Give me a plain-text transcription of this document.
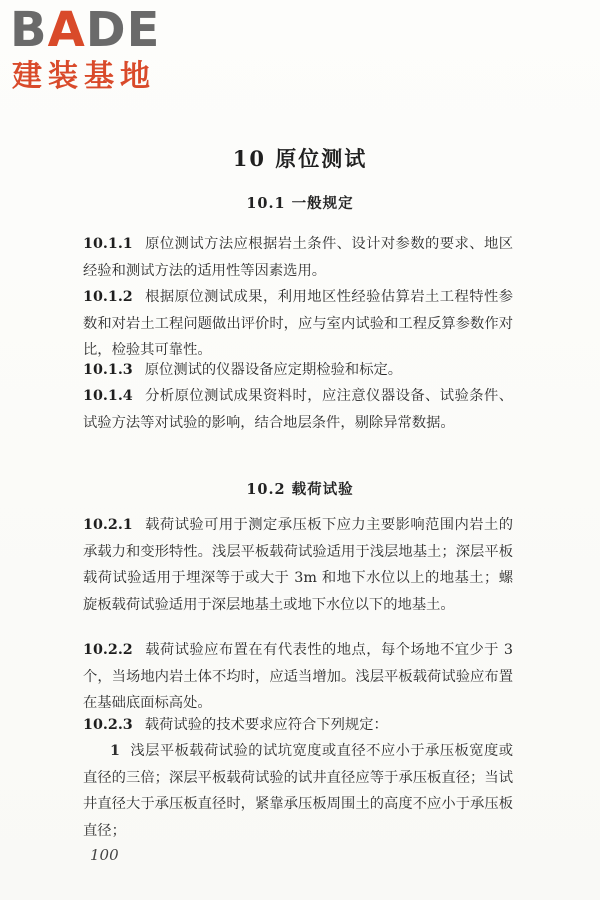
BADE
建装基地
10 原位测试
10.1 一般规定
10.1.1 原位测试方法应根据岩土条件、设计对参数的要求、地区经验和测试方法的适用性等因素选用。
10.1.2 根据原位测试成果，利用地区性经验估算岩土工程特性参数和对岩土工程问题做出评价时，应与室内试验和工程反算参数作对比，检验其可靠性。
10.1.3 原位测试的仪器设备应定期检验和标定。
10.1.4 分析原位测试成果资料时，应注意仪器设备、试验条件、试验方法等对试验的影响，结合地层条件，剔除异常数据。
10.2 载荷试验
10.2.1 载荷试验可用于测定承压板下应力主要影响范围内岩土的承载力和变形特性。浅层平板载荷试验适用于浅层地基土；深层平板载荷试验适用于埋深等于或大于 3m 和地下水位以上的地基土；螺旋板载荷试验适用于深层地基土或地下水位以下的地基土。
10.2.2 载荷试验应布置在有代表性的地点，每个场地不宜少于 3 个，当场地内岩土体不均时，应适当增加。浅层平板载荷试验应布置在基础底面标高处。
10.2.3 载荷试验的技术要求应符合下列规定：
1 浅层平板载荷试验的试坑宽度或直径不应小于承压板宽度或直径的三倍；深层平板载荷试验的试井直径应等于承压板直径；当试井直径大于承压板直径时，紧靠承压板周围土的高度不应小于承压板直径；
100
